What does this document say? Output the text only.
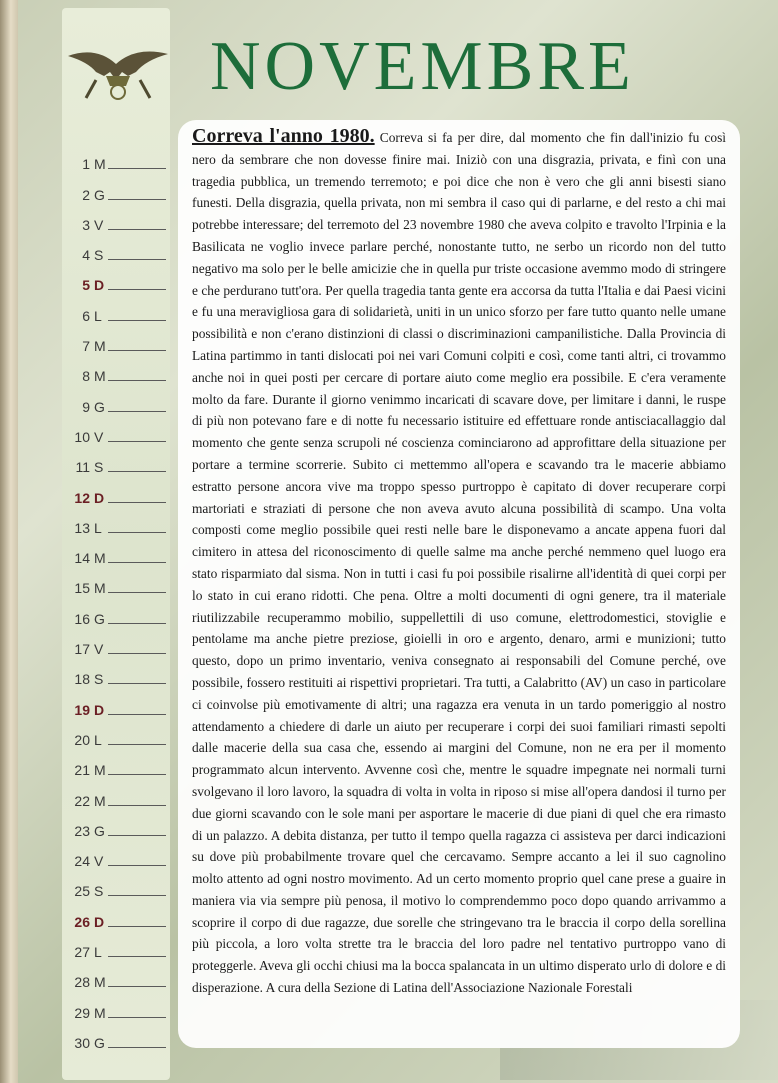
NOVEMBRE
1 M
2 G
3 V
4 S
5 D
6 L
7 M
8 M
9 G
10 V
11 S
12 D
13 L
14 M
15 M
16 G
17 V
18 S
19 D
20 L
21 M
22 M
23 G
24 V
25 S
26 D
27 L
28 M
29 M
30 G

Correva l'anno 1980. Correva si fa per dire, dal momento che fin dall'inizio fu così nero da sembrare che non dovesse finire mai. Iniziò con una disgrazia, privata, e finì con una tragedia pubblica, un tremendo terremoto; e poi dice che non è vero che gli anni bisesti siano funesti. Della disgrazia, quella privata, non mi sembra il caso qui di parlarne, e del resto a chi mai potrebbe interessare; del terremoto del 23 novembre 1980 che aveva colpito e travolto l'Irpinia e la Basilicata ne voglio invece parlare perché, nonostante tutto, ne serbo un ricordo non del tutto negativo ma solo per le belle amicizie che in quella pur triste occasione avemmo modo di stringere e che perdurano tutt'ora. Per quella tragedia tanta gente era accorsa da tutta l'Italia e dai Paesi vicini e fu una meravigliosa gara di solidarietà, uniti in un unico sforzo per fare tutto quanto nelle umane possibilità e non c'erano distinzioni di classi o discriminazioni campanilistiche. Dalla Provincia di Latina partimmo in tanti dislocati poi nei vari Comuni colpiti e così, come tanti altri, ci trovammo anche noi in quei posti per cercare di portare aiuto come meglio era possibile. E c'era veramente molto da fare. Durante il giorno venimmo incaricati di scavare dove, per limitare i danni, le ruspe di più non potevano fare e di notte fu necessario istituire ed effettuare ronde antisciacallaggio dal momento che gente senza scrupoli né coscienza cominciarono ad approfittare della situazione per portare a termine scorrerie. Subito ci mettemmo all'opera e scavando tra le macerie abbiamo estratto persone ancora vive ma troppo spesso purtroppo è capitato di dover recuperare corpi martoriati e straziati di persone che non aveva avuto alcuna possibilità di scampo. Una volta composti come meglio possibile quei resti nelle bare le disponevamo a ancate appena fuori dal cimitero in attesa del riconoscimento di quelle salme ma anche perché nemmeno quel luogo era stato risparmiato dal sisma. Non in tutti i casi fu poi possibile risalirne all'identità di quei corpi per lo stato in cui erano ridotti. Che pena. Oltre a molti documenti di ogni genere, tra il materiale riutilizzabile recuperammo mobilio, suppellettili di uso comune, elettrodomestici, stoviglie e pentolame ma anche pietre preziose, gioielli in oro e argento, denaro, armi e munizioni; tutto questo, dopo un primo inventario, veniva consegnato ai responsabili del Comune perché, ove possibile, fossero restituiti ai rispettivi proprietari. Tra tutti, a Calabritto (AV) un caso in particolare ci coinvolse più emotivamente di altri; una ragazza era venuta in un tardo pomeriggio al nostro attendamento a chiedere di darle un aiuto per recuperare i corpi dei suoi familiari rimasti sepolti dalle macerie della sua casa che, essendo ai margini del Comune, non ne era per il momento programmato alcun intervento. Avvenne così che, mentre le squadre impegnate nei normali turni svolgevano il loro lavoro, la squadra di volta in volta in riposo si mise all'opera dandosi il turno per due giorni scavando con le sole mani per asportare le macerie di due piani di quel che era rimasto di un palazzo. A debita distanza, per tutto il tempo quella ragazza ci assisteva per darci indicazioni su dove più probabilmente trovare quel che cercavamo. Sempre accanto a lei il suo cagnolino molto attento ad ogni nostro movimento. Ad un certo momento proprio quel cane prese a guaire in maniera via via sempre più penosa, il motivo lo comprendemmo poco dopo quando arrivammo a scoprire il corpo di due ragazze, due sorelle che stringevano tra le braccia il corpo della sorellina più piccola, a loro volta strette tra le braccia del loro padre nel tentativo purtroppo vano di proteggerle. Aveva gli occhi chiusi ma la bocca spalancata in un ultimo disperato urlo di dolore e di disperazione. A cura della Sezione di Latina dell'Associazione Nazionale Forestali
